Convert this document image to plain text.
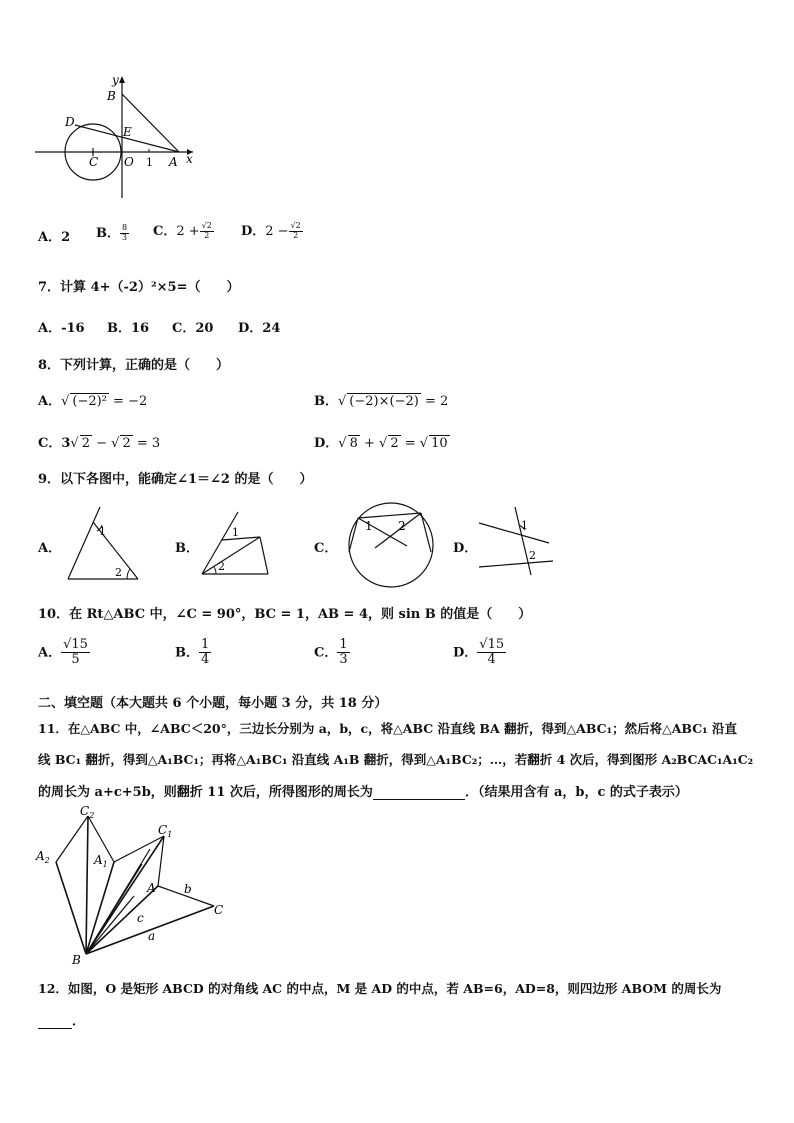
y
x
B
D
E
C O 1 A
A．2 B． $\frac{8}{3}$ C．$2 + \frac{√2}{2}$ D．$2 - \frac{√2}{2}$
7．计算 4+（-2）²×5=（　　）
A．-16 B．16 C．20 D．24
8．下列计算，正确的是（　　）
A．√ (−2)² = −2	B．√ (−2)×(−2) = 2
C．3√ 2 − √ 2 = 3	D．√ 8 + √ 2 = √ 10
9．以下各图中，能确定∠1＝∠2 的是（　　）
A．
1
2
B．
1
2
C．
1 2
D．
1
2
10．在 Rt△ABC 中，∠C = 90°，BC = 1，AB = 4，则 sin B 的值是（　　）
A． $\frac{√15}{5}$	B． $\frac{1}{4}$	C． $\frac{1}{3}$	D． $\frac{√15}{4}$
二、填空题（本大题共 6 个小题，每小题 3 分，共 18 分）
11．在△ABC 中，∠ABC＜20°，三边长分别为 a，b，c，将△ABC 沿直线 BA 翻折，得到△ABC₁；然后将△ABC₁ 沿直
线 BC₁ 翻折，得到△A₁BC₁；再将△A₁BC₁ 沿直线 A₁B 翻折，得到△A₁BC₂；…，若翻折 4 次后，得到图形 A₂BCAC₁A₁C₂
的周长为 a+c+5b，则翻折 11 次后，所得图形的周长为	．（结果用含有 a，b，c 的式子表示）
$C_2$
$A_2$	$A_1$
$C_1$
A b
c
a
C
B
12．如图，O 是矩形 ABCD 的对角线 AC 的中点，M 是 AD 的中点，若 AB=6，AD=8，则四边形 ABOM 的周长为
．
